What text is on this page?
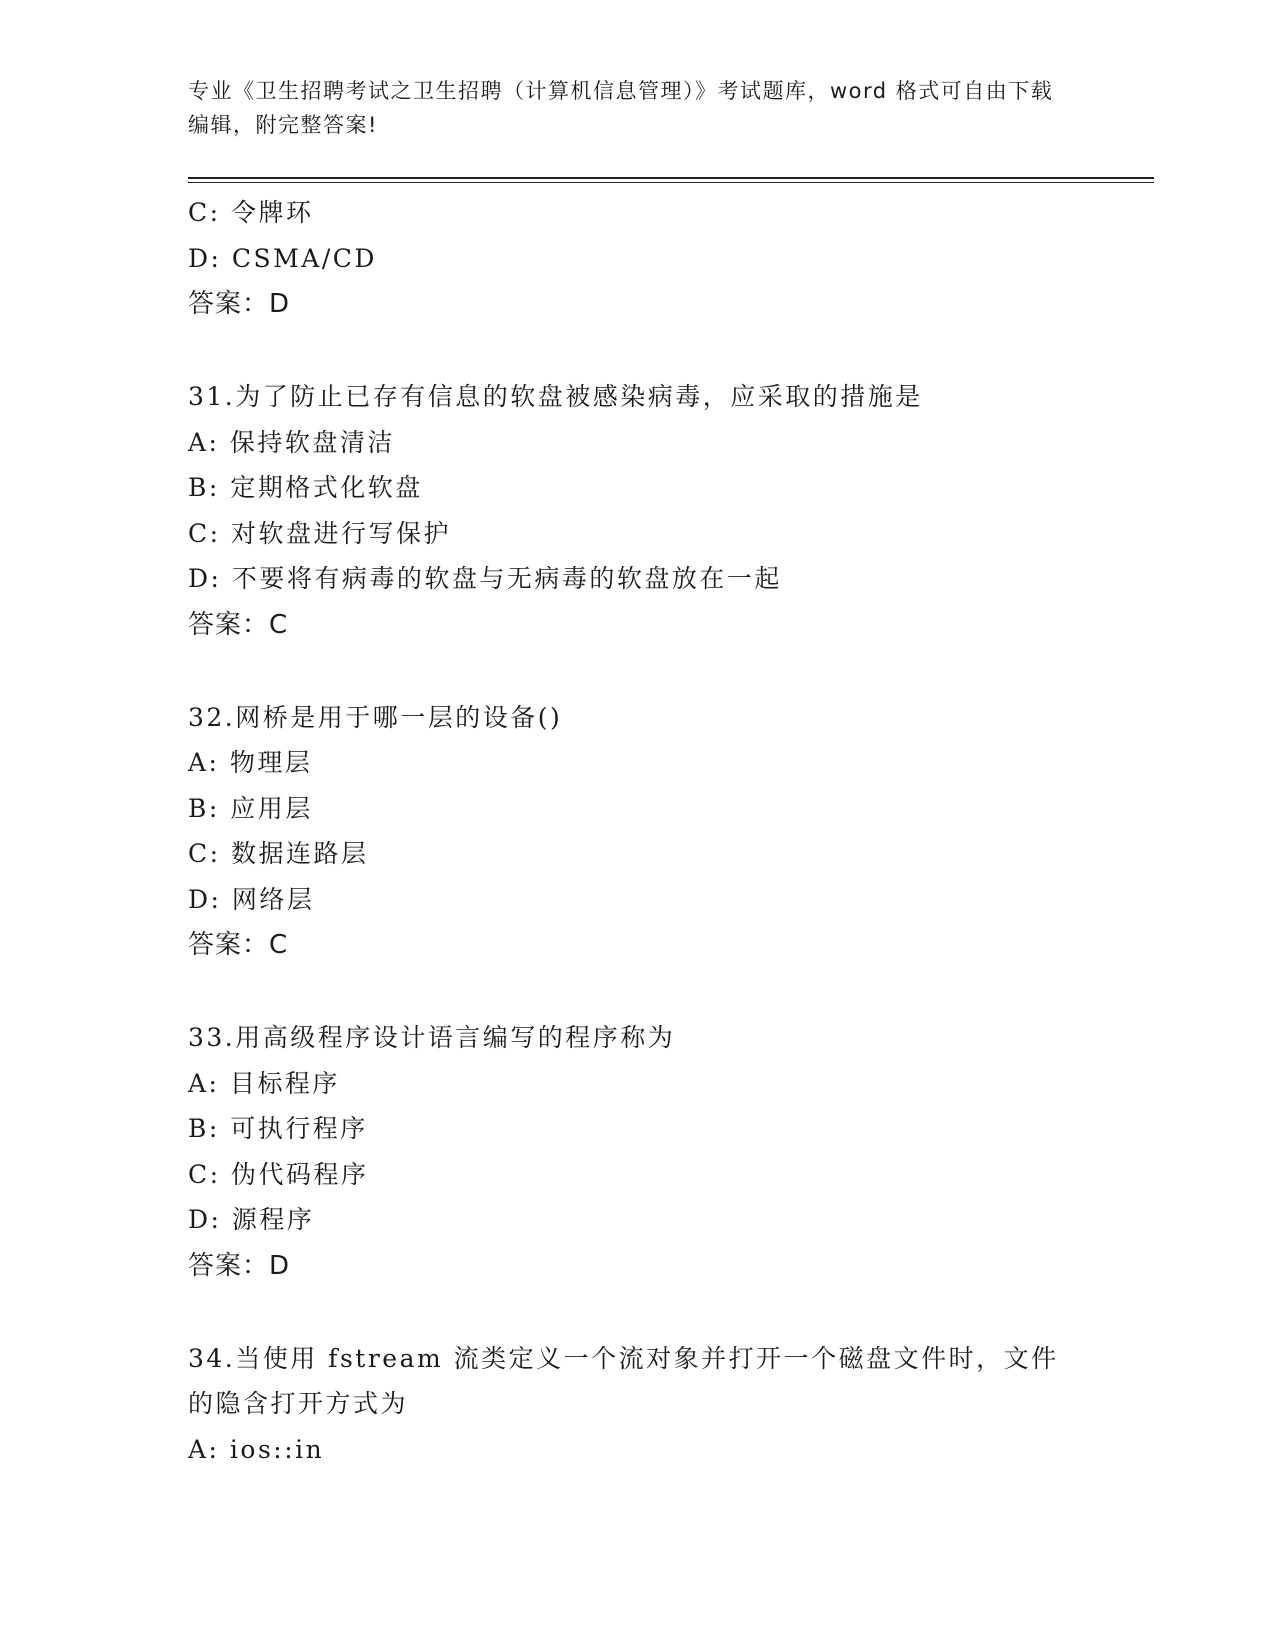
专业《卫生招聘考试之卫生招聘（计算机信息管理）》考试题库，word 格式可自由下载编辑，附完整答案!
C: 令牌环
D: CSMA/CD
答案：D
31.为了防止已存有信息的软盘被感染病毒，应采取的措施是
A: 保持软盘清洁
B: 定期格式化软盘
C: 对软盘进行写保护
D: 不要将有病毒的软盘与无病毒的软盘放在一起
答案：C
32.网桥是用于哪一层的设备()
A: 物理层
B: 应用层
C: 数据连路层
D: 网络层
答案：C
33.用高级程序设计语言编写的程序称为
A: 目标程序
B: 可执行程序
C: 伪代码程序
D: 源程序
答案：D
34.当使用 fstream 流类定义一个流对象并打开一个磁盘文件时，文件
的隐含打开方式为
A: ios::in
